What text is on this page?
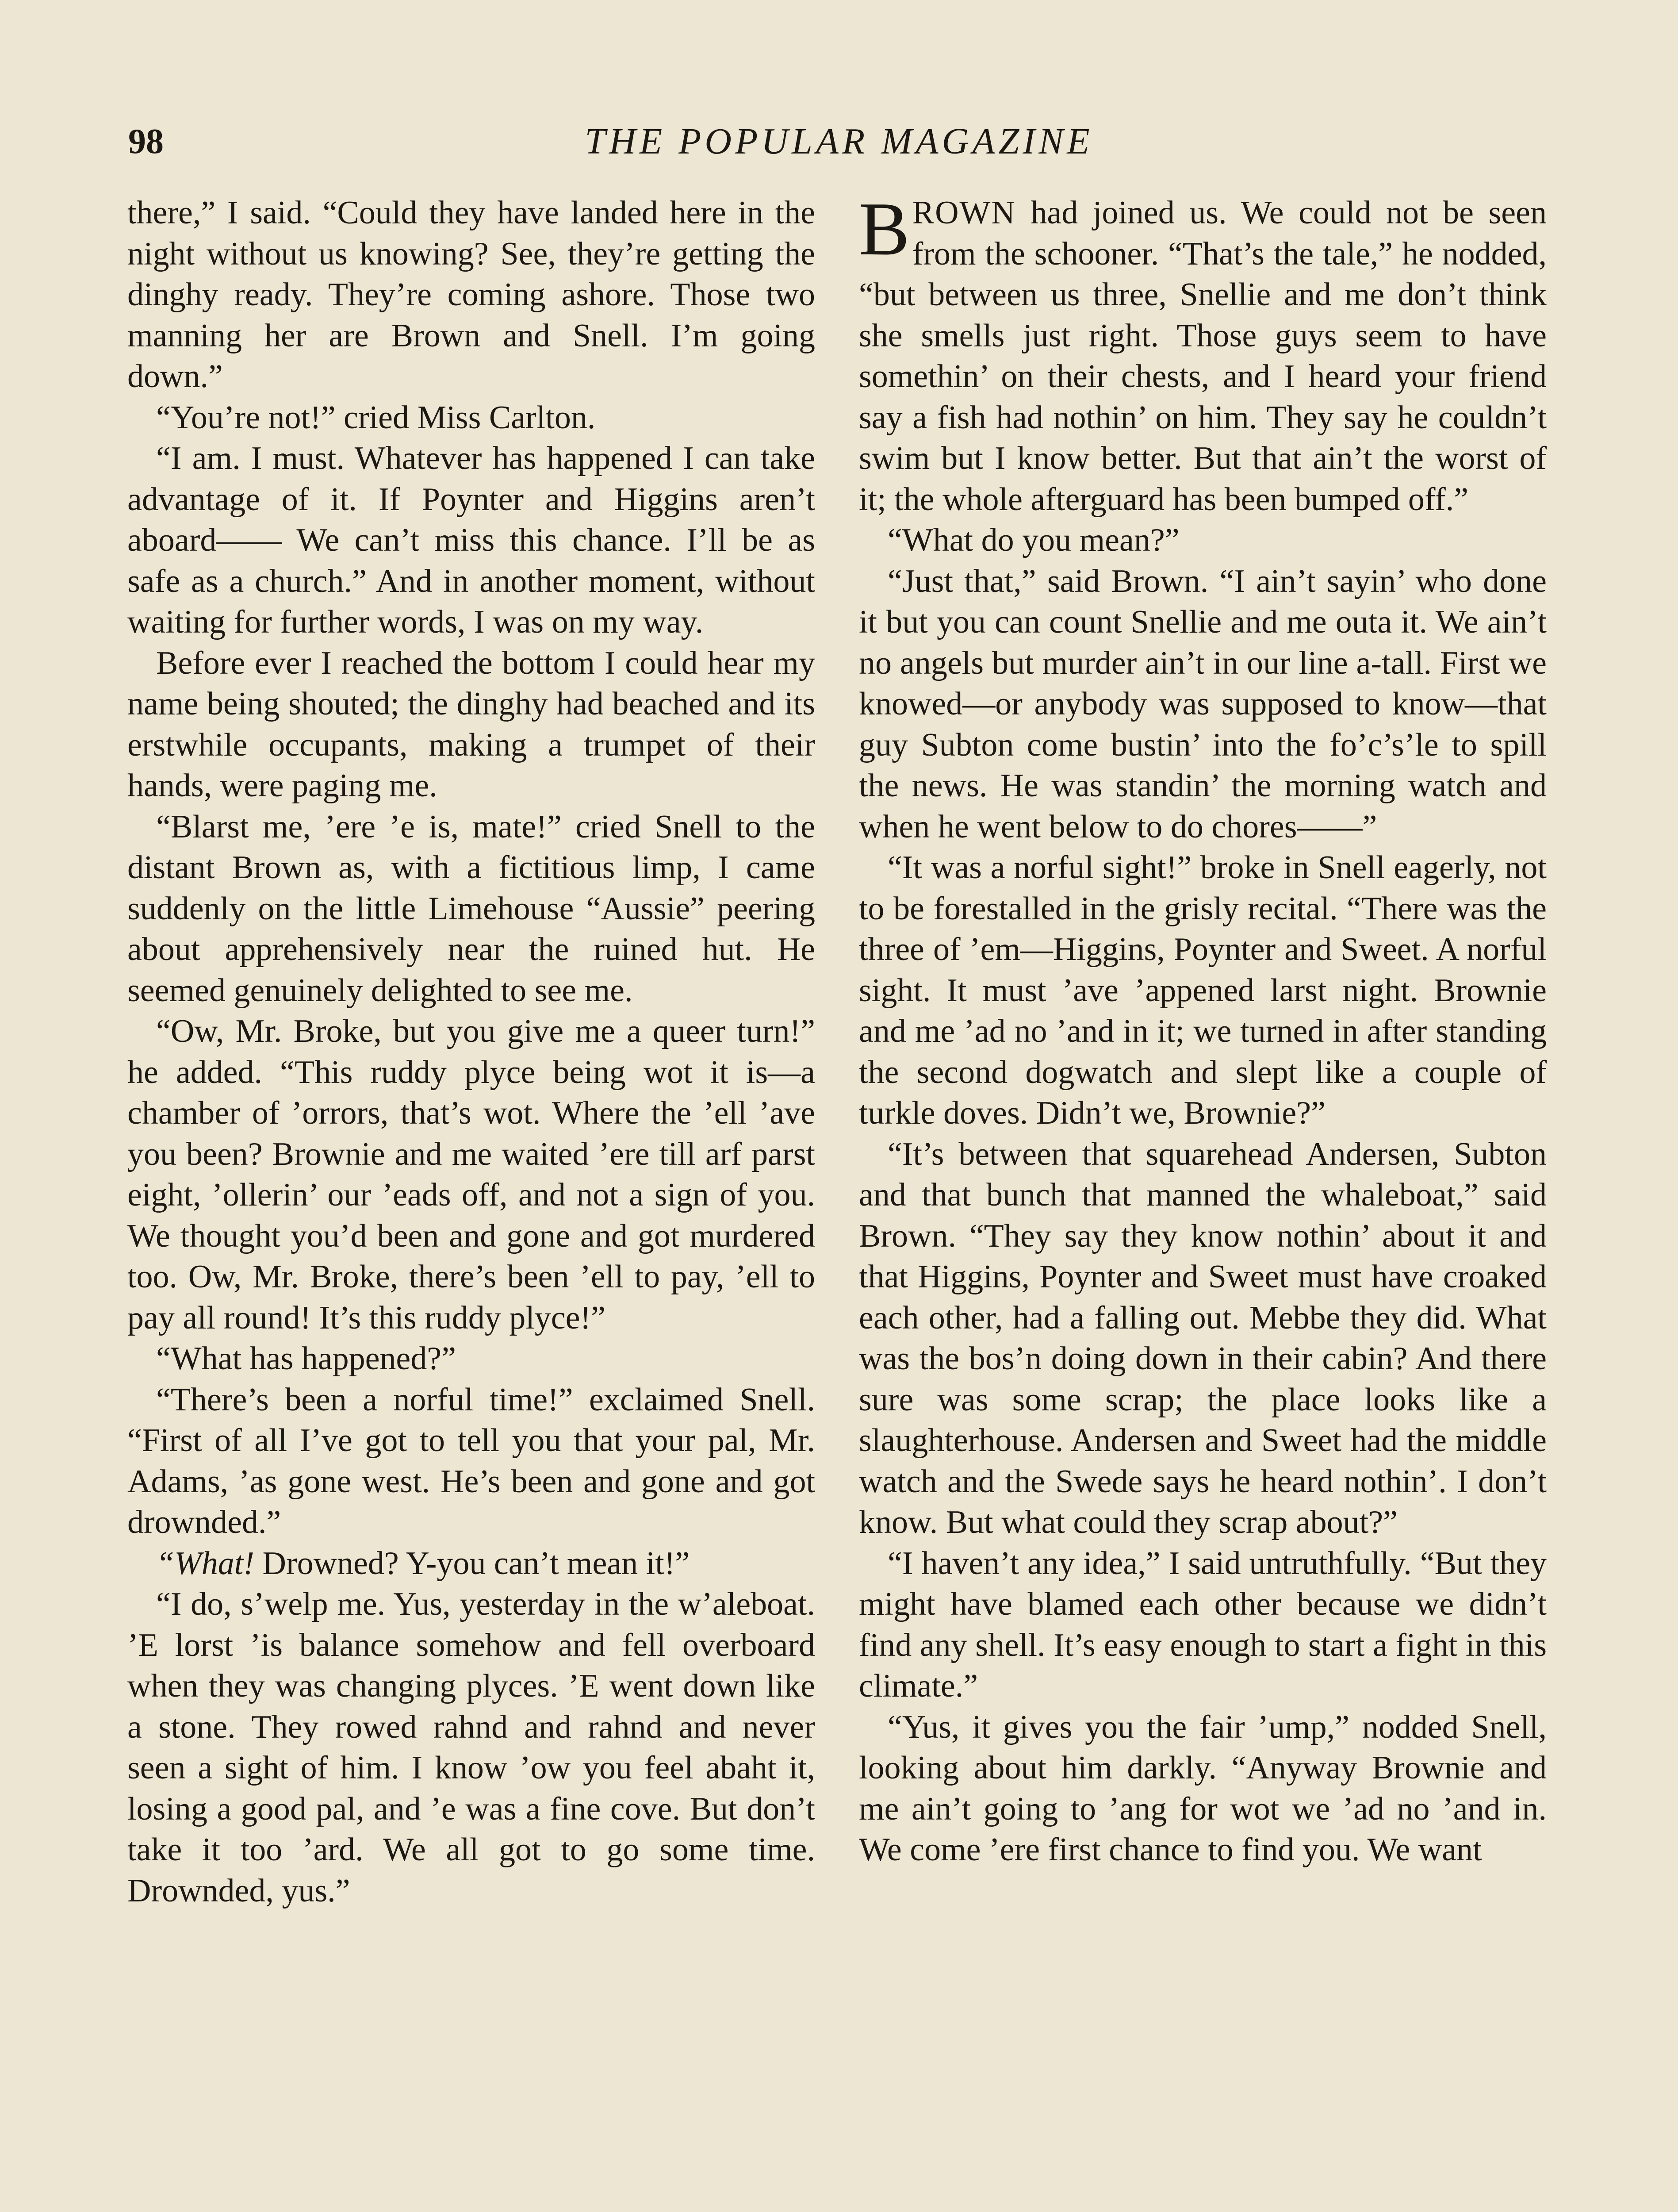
98	THE POPULAR MAGAZINE

there,” I said. “Could they have landed here in the night without us knowing? See, they’re getting the dinghy ready. They’re coming ashore. Those two manning her are Brown and Snell. I’m going down.”

“You’re not!” cried Miss Carlton.

“I am. I must. Whatever has happened I can take advantage of it. If Poynter and Higgins aren’t aboard—— We can’t miss this chance. I’ll be as safe as a church.” And in another moment, without waiting for further words, I was on my way.

Before ever I reached the bottom I could hear my name being shouted; the dinghy had beached and its erstwhile occupants, making a trumpet of their hands, were paging me.

“Blarst me, ’ere ’e is, mate!” cried Snell to the distant Brown as, with a fictitious limp, I came suddenly on the little Limehouse “Aussie” peering about apprehensively near the ruined hut. He seemed genuinely delighted to see me.

“Ow, Mr. Broke, but you give me a queer turn!” he added. “This ruddy plyce being wot it is—a chamber of ’orrors, that’s wot. Where the ’ell ’ave you been? Brownie and me waited ’ere till arf parst eight, ’ollerin’ our ’eads off, and not a sign of you. We thought you’d been and gone and got murdered too. Ow, Mr. Broke, there’s been ’ell to pay, ’ell to pay all round! It’s this ruddy plyce!”

“What has happened?”

“There’s been a norful time!” exclaimed Snell. “First of all I’ve got to tell you that your pal, Mr. Adams, ’as gone west. He’s been and gone and got drownded.”

“What! Drowned? Y-you can’t mean it!”

“I do, s’welp me. Yus, yesterday in the w’aleboat. ’E lorst ’is balance somehow and fell overboard when they was changing plyces. ’E went down like a stone. They rowed rahnd and rahnd and never seen a sight of him. I know ’ow you feel abaht it, losing a good pal, and ’e was a fine cove. But don’t take it too ’ard. We all got to go some time. Drownded, yus.”

BROWN had joined us. We could not be seen from the schooner. “That’s the tale,” he nodded, “but between us three, Snellie and me don’t think she smells just right. Those guys seem to have somethin’ on their chests, and I heard your friend say a fish had nothin’ on him. They say he couldn’t swim but I know better. But that ain’t the worst of it; the whole afterguard has been bumped off.”

“What do you mean?”

“Just that,” said Brown. “I ain’t sayin’ who done it but you can count Snellie and me outa it. We ain’t no angels but murder ain’t in our line a-tall. First we knowed—or anybody was supposed to know—that guy Subton come bustin’ into the fo’c’s’le to spill the news. He was standin’ the morning watch and when he went below to do chores——”

“It was a norful sight!” broke in Snell eagerly, not to be forestalled in the grisly recital. “There was the three of ’em—Higgins, Poynter and Sweet. A norful sight. It must ’ave ’appened larst night. Brownie and me ’ad no ’and in it; we turned in after standing the second dogwatch and slept like a couple of turkle doves. Didn’t we, Brownie?”

“It’s between that squarehead Andersen, Subton and that bunch that manned the whaleboat,” said Brown. “They say they know nothin’ about it and that Higgins, Poynter and Sweet must have croaked each other, had a falling out. Mebbe they did. What was the bos’n doing down in their cabin? And there sure was some scrap; the place looks like a slaughterhouse. Andersen and Sweet had the middle watch and the Swede says he heard nothin’. I don’t know. But what could they scrap about?”

“I haven’t any idea,” I said untruthfully. “But they might have blamed each other because we didn’t find any shell. It’s easy enough to start a fight in this climate.”

“Yus, it gives you the fair ’ump,” nodded Snell, looking about him darkly. “Anyway Brownie and me ain’t going to ’ang for wot we ’ad no ’and in. We come ’ere first chance to find you. We want
